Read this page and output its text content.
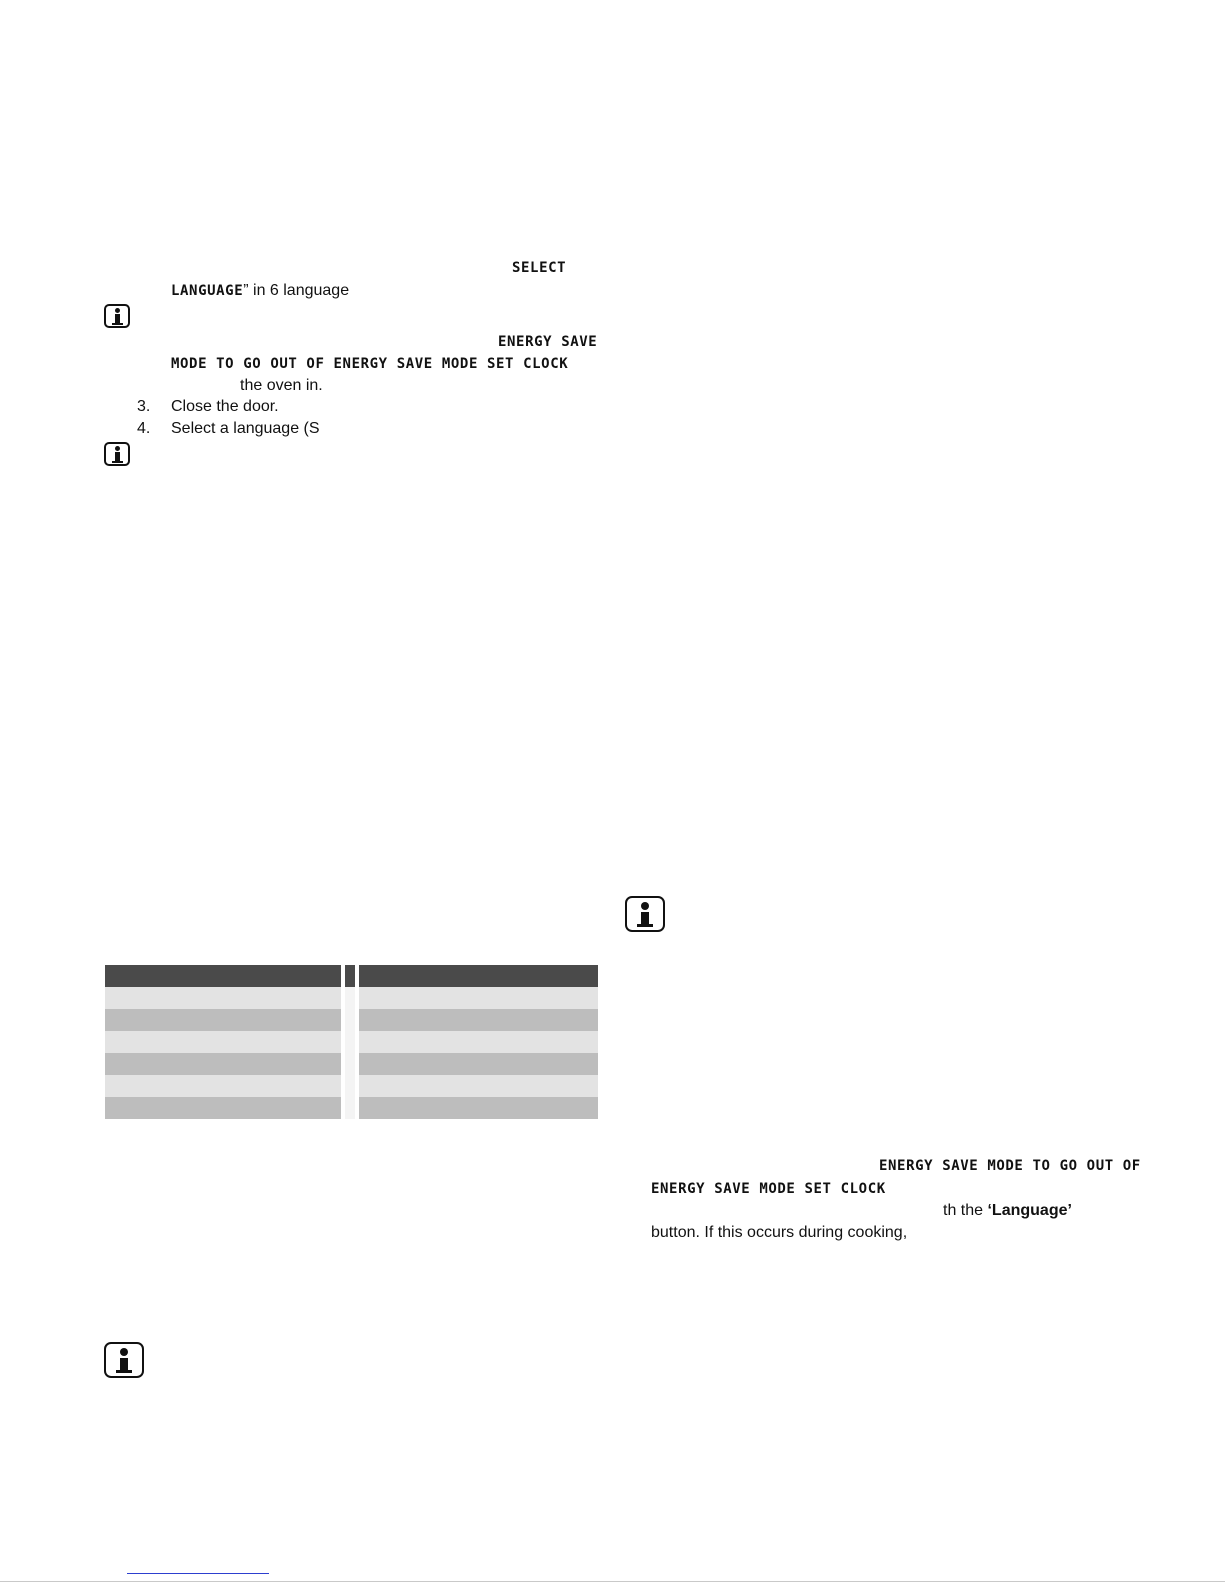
SELECT
LANGUAGE” in 6 language
ENERGY SAVE
MODE TO GO OUT OF ENERGY SAVE MODE SET CLOCK
the oven in.
3. Close the door.
4. Select a language (S
ENERGY SAVE MODE TO GO OUT OF
ENERGY SAVE MODE SET CLOCK
th the ‘Language’
button. If this occurs during cooking,
